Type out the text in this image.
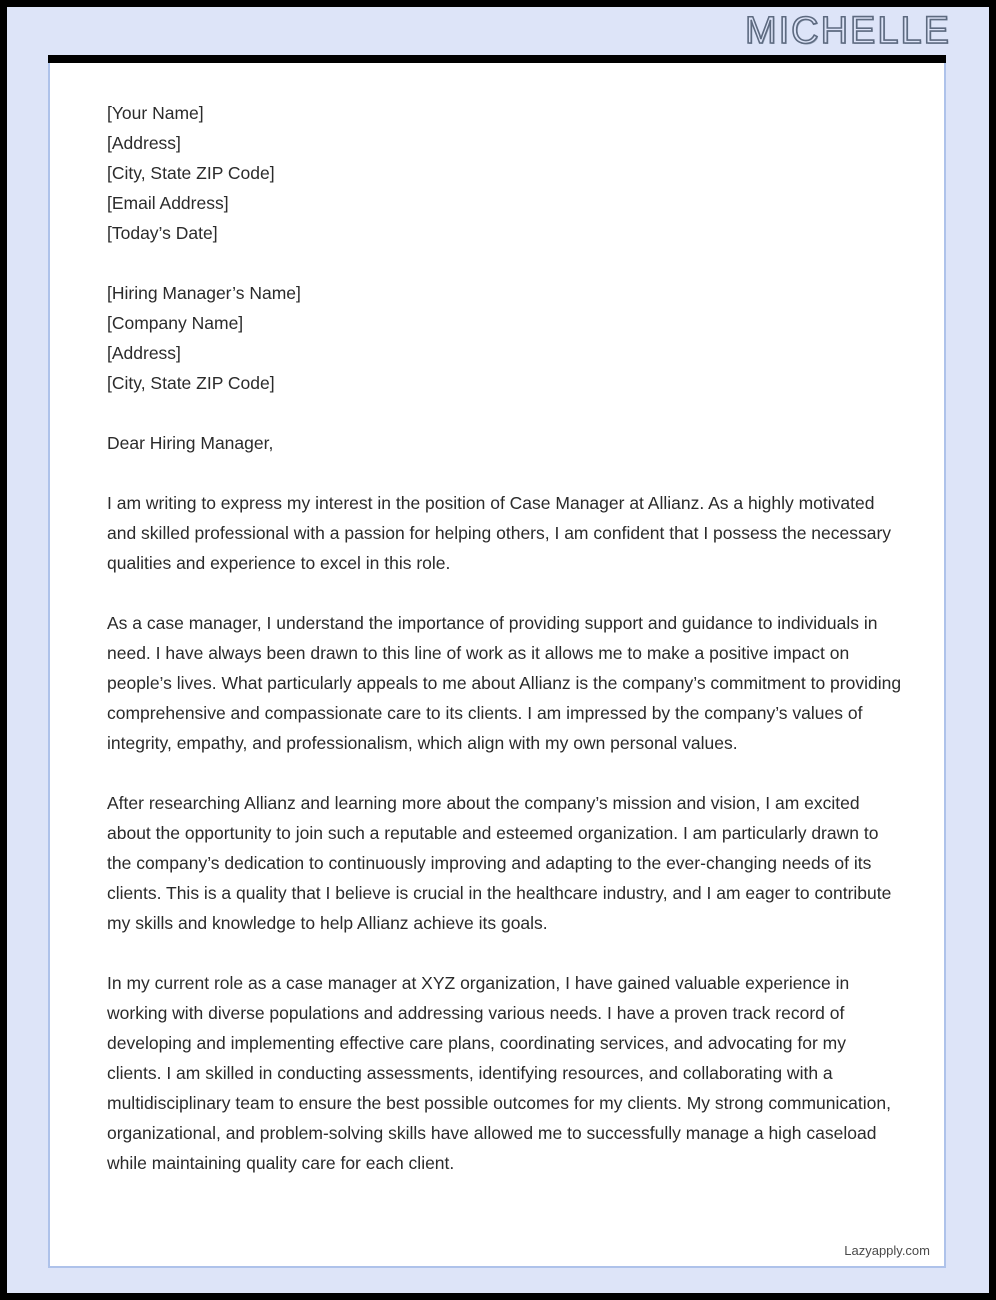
MICHELLE
[Your Name]
[Address]
[City, State ZIP Code]
[Email Address]
[Today’s Date]
[Hiring Manager’s Name]
[Company Name]
[Address]
[City, State ZIP Code]

Dear Hiring Manager,

I am writing to express my interest in the position of Case Manager at Allianz. As a highly motivated and skilled professional with a passion for helping others, I am confident that I possess the necessary qualities and experience to excel in this role.

As a case manager, I understand the importance of providing support and guidance to individuals in need. I have always been drawn to this line of work as it allows me to make a positive impact on people’s lives. What particularly appeals to me about Allianz is the company’s commitment to providing comprehensive and compassionate care to its clients. I am impressed by the company’s values of integrity, empathy, and professionalism, which align with my own personal values.

After researching Allianz and learning more about the company’s mission and vision, I am excited about the opportunity to join such a reputable and esteemed organization. I am particularly drawn to the company’s dedication to continuously improving and adapting to the ever-changing needs of its clients. This is a quality that I believe is crucial in the healthcare industry, and I am eager to contribute my skills and knowledge to help Allianz achieve its goals.

In my current role as a case manager at XYZ organization, I have gained valuable experience in working with diverse populations and addressing various needs. I have a proven track record of developing and implementing effective care plans, coordinating services, and advocating for my clients. I am skilled in conducting assessments, identifying resources, and collaborating with a multidisciplinary team to ensure the best possible outcomes for my clients. My strong communication, organizational, and problem-solving skills have allowed me to successfully manage a high caseload while maintaining quality care for each client.

Lazyapply.com
